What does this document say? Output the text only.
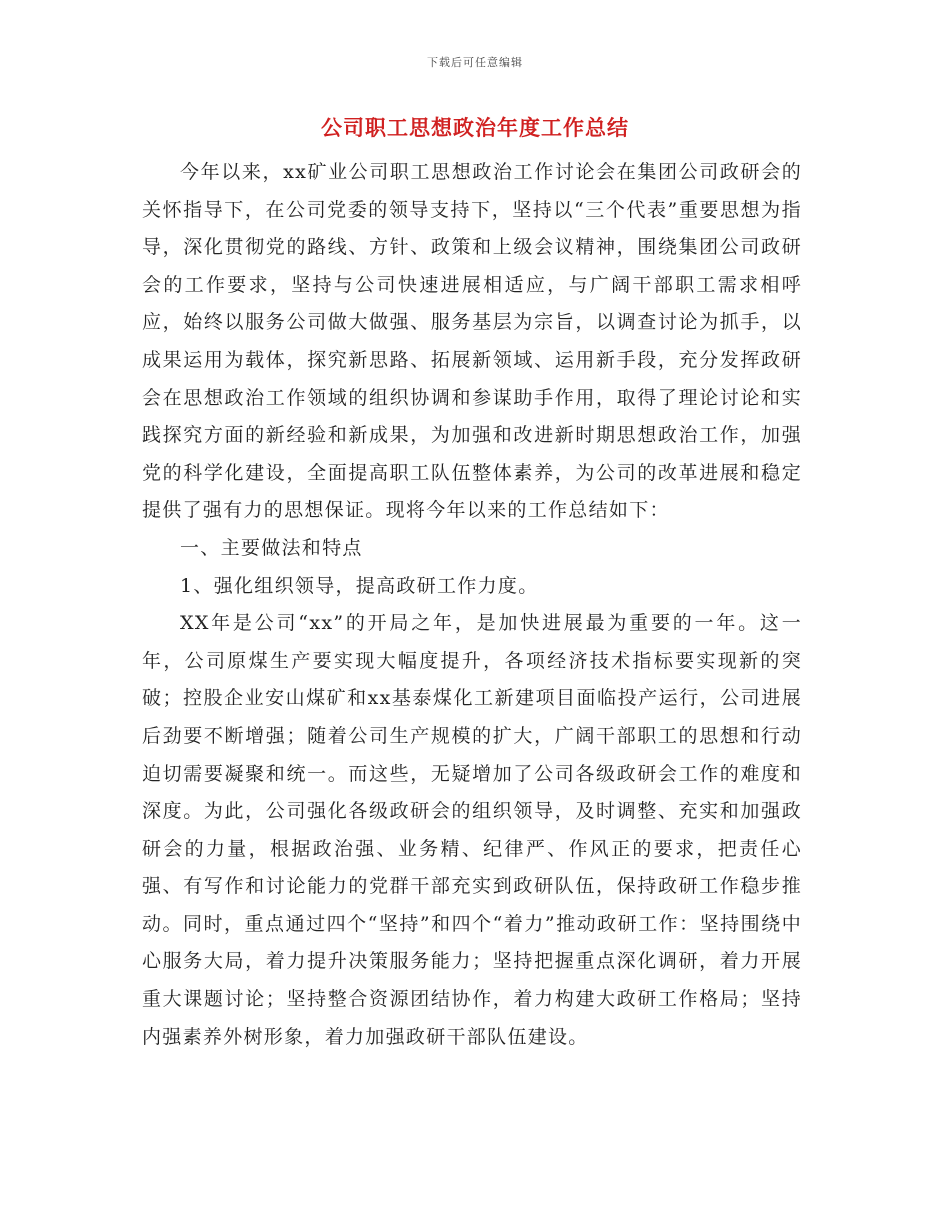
下载后可任意编辑
公司职工思想政治年度工作总结

今年以来，xx矿业公司职工思想政治工作讨论会在集团公司政研会的关怀指导下，在公司党委的领导支持下，坚持以“三个代表”重要思想为指导，深化贯彻党的路线、方针、政策和上级会议精神，围绕集团公司政研会的工作要求，坚持与公司快速进展相适应，与广阔干部职工需求相呼应，始终以服务公司做大做强、服务基层为宗旨，以调查讨论为抓手，以成果运用为载体，探究新思路、拓展新领域、运用新手段，充分发挥政研会在思想政治工作领域的组织协调和参谋助手作用，取得了理论讨论和实践探究方面的新经验和新成果，为加强和改进新时期思想政治工作，加强党的科学化建设，全面提高职工队伍整体素养，为公司的改革进展和稳定提供了强有力的思想保证。现将今年以来的工作总结如下：

一、主要做法和特点

1、强化组织领导，提高政研工作力度。

XX年是公司“xx”的开局之年，是加快进展最为重要的一年。这一年，公司原煤生产要实现大幅度提升，各项经济技术指标要实现新的突破；控股企业安山煤矿和xx基泰煤化工新建项目面临投产运行，公司进展后劲要不断增强；随着公司生产规模的扩大，广阔干部职工的思想和行动迫切需要凝聚和统一。而这些，无疑增加了公司各级政研会工作的难度和深度。为此，公司强化各级政研会的组织领导，及时调整、充实和加强政研会的力量，根据政治强、业务精、纪律严、作风正的要求，把责任心强、有写作和讨论能力的党群干部充实到政研队伍，保持政研工作稳步推动。同时，重点通过四个“坚持”和四个“着力”推动政研工作：坚持围绕中心服务大局，着力提升决策服务能力；坚持把握重点深化调研，着力开展重大课题讨论；坚持整合资源团结协作，着力构建大政研工作格局；坚持内强素养外树形象，着力加强政研干部队伍建设。
